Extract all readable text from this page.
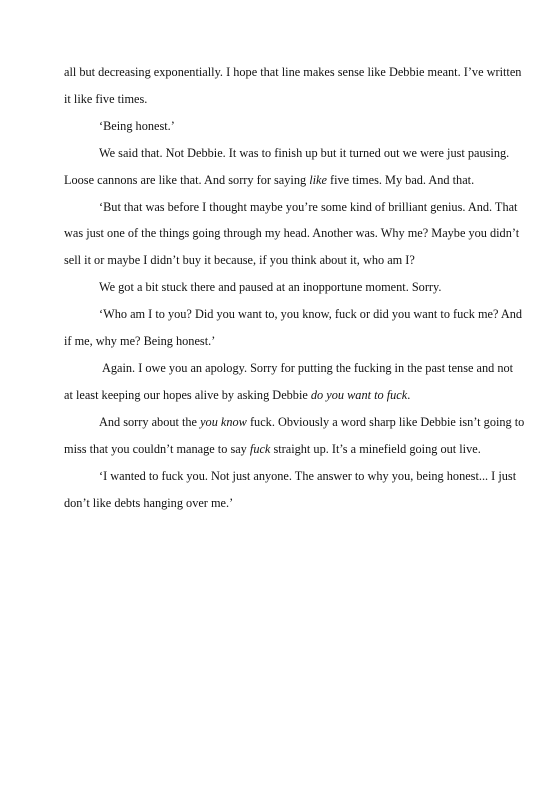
all but decreasing exponentially. I hope that line makes sense like Debbie meant. I’ve written
it like five times.
‘Being honest.’
We said that. Not Debbie. It was to finish up but it turned out we were just pausing.
Loose cannons are like that. And sorry for saying like five times. My bad. And that.
‘But that was before I thought maybe you’re some kind of brilliant genius. And. That
was just one of the things going through my head. Another was. Why me? Maybe you didn’t
sell it or maybe I didn’t buy it because, if you think about it, who am I?
We got a bit stuck there and paused at an inopportune moment. Sorry.
‘Who am I to you? Did you want to, you know, fuck or did you want to fuck me? And
if me, why me? Being honest.’
Again. I owe you an apology. Sorry for putting the fucking in the past tense and not
at least keeping our hopes alive by asking Debbie do you want to fuck.
And sorry about the you know fuck. Obviously a word sharp like Debbie isn’t going to
miss that you couldn’t manage to say fuck straight up. It’s a minefield going out live.
‘I wanted to fuck you. Not just anyone. The answer to why you, being honest... I just
don’t like debts hanging over me.’
